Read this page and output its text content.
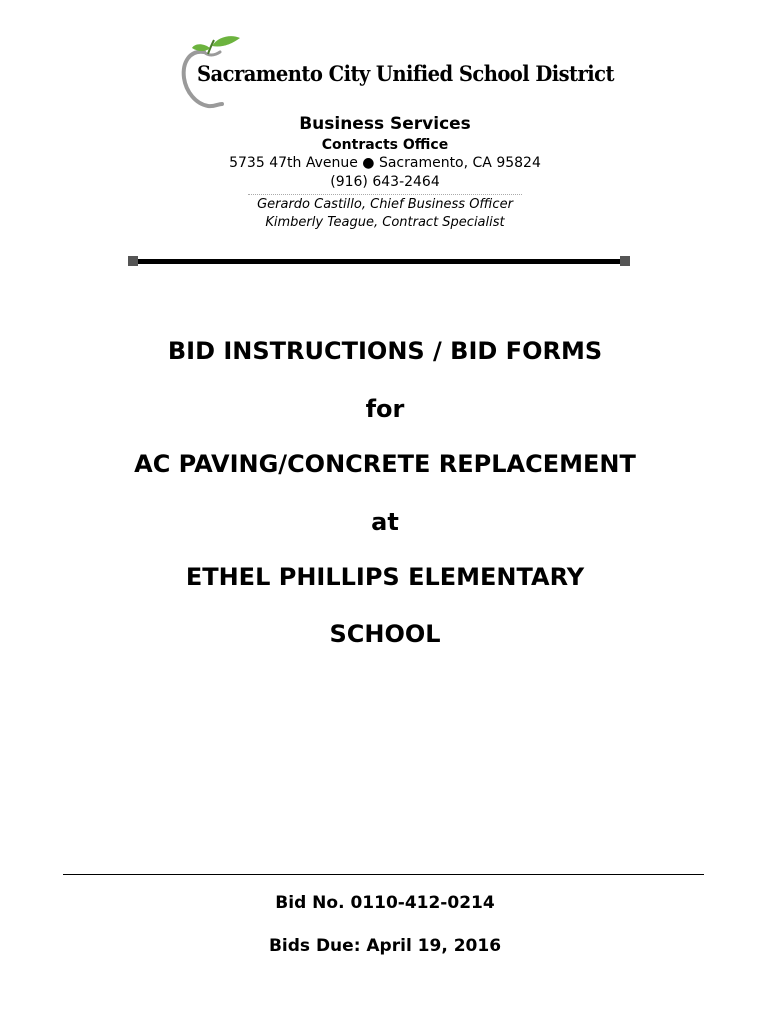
Sacramento City Unified School District
Business Services
Contracts Office
5735 47th Avenue ● Sacramento, CA 95824
(916) 643-2464
Gerardo Castillo, Chief Business Officer
Kimberly Teague, Contract Specialist
BID INSTRUCTIONS / BID FORMS
for
AC PAVING/CONCRETE REPLACEMENT
at
ETHEL PHILLIPS ELEMENTARY
SCHOOL
Bid No. 0110-412-0214
Bids Due: April 19, 2016
